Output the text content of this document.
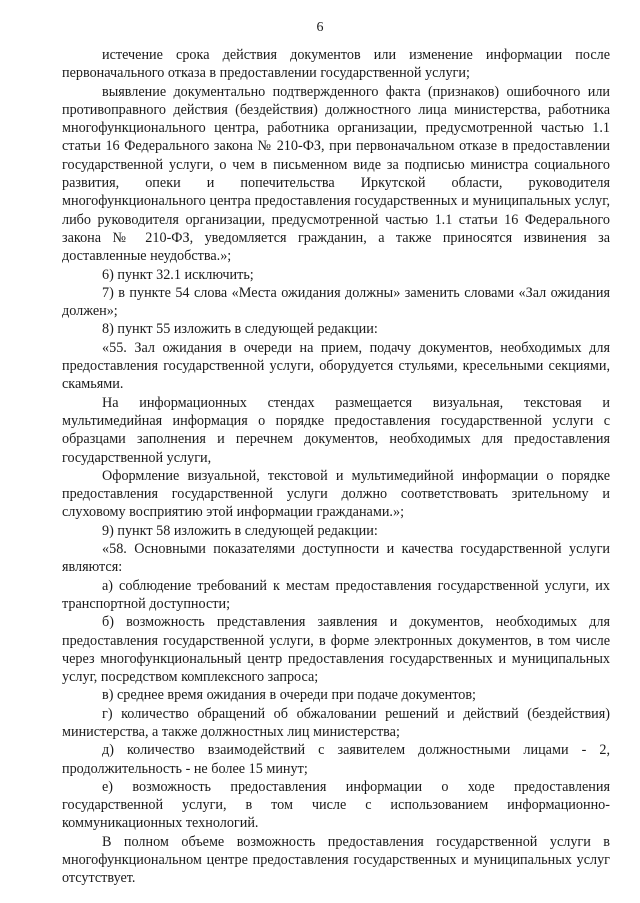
6

истечение срока действия документов или изменение информации после первоначального отказа в предоставлении государственной услуги;

выявление документально подтвержденного факта (признаков) ошибочного или противоправного действия (бездействия) должностного лица министерства, работника многофункционального центра, работника организации, предусмотренной частью 1.1 статьи 16 Федерального закона № 210-ФЗ, при первоначальном отказе в предоставлении государственной услуги, о чем в письменном виде за подписью министра социального развития, опеки и попечительства Иркутской области, руководителя многофункционального центра предоставления государственных и муниципальных услуг, либо руководителя организации, предусмотренной частью 1.1 статьи 16 Федерального закона № 210-ФЗ, уведомляется гражданин, а также приносятся извинения за доставленные неудобства.»;

6) пункт 32.1 исключить;

7) в пункте 54 слова «Места ожидания должны» заменить словами «Зал ожидания должен»;

8) пункт 55 изложить в следующей редакции:

«55. Зал ожидания в очереди на прием, подачу документов, необходимых для предоставления государственной услуги, оборудуется стульями, кресельными секциями, скамьями.

На информационных стендах размещается визуальная, текстовая и мультимедийная информация о порядке предоставления государственной услуги с образцами заполнения и перечнем документов, необходимых для предоставления государственной услуги,

Оформление визуальной, текстовой и мультимедийной информации о порядке предоставления государственной услуги должно соответствовать зрительному и слуховому восприятию этой информации гражданами.»;

9) пункт 58 изложить в следующей редакции:

«58. Основными показателями доступности и качества государственной услуги являются:

а) соблюдение требований к местам предоставления государственной услуги, их транспортной доступности;

б) возможность представления заявления и документов, необходимых для предоставления государственной услуги, в форме электронных документов, в том числе через многофункциональный центр предоставления государственных и муниципальных услуг, посредством комплексного запроса;

в) среднее время ожидания в очереди при подаче документов;

г) количество обращений об обжаловании решений и действий (бездействия) министерства, а также должностных лиц министерства;

д) количество взаимодействий с заявителем должностными лицами - 2, продолжительность - не более 15 минут;

е) возможность предоставления информации о ходе предоставления государственной услуги, в том числе с использованием информационно-коммуникационных технологий.

В полном объеме возможность предоставления государственной услуги в многофункциональном центре предоставления государственных и муниципальных услуг отсутствует.
